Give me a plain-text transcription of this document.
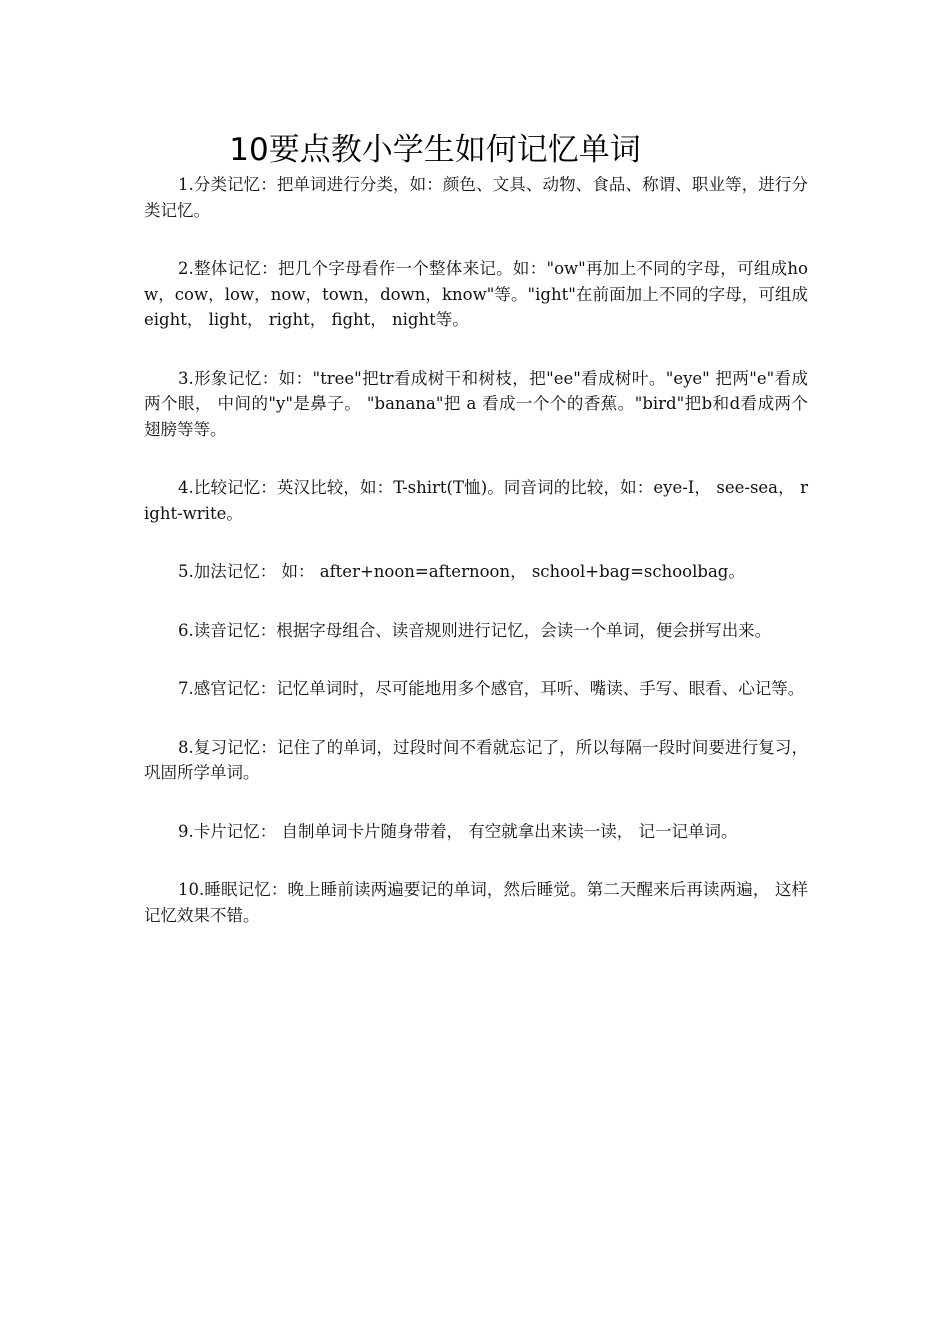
10要点教小学生如何记忆单词

1.分类记忆：把单词进行分类，如：颜色、文具、动物、食品、称谓、职业等，进行分类记忆。

2.整体记忆：把几个字母看作一个整体来记。如："ow"再加上不同的字母，可组成how，cow，low，now，town，down，know"等。"ight"在前面加上不同的字母，可组成eight， light， right， fight， night等。

3.形象记忆：如："tree"把tr看成树干和树枝，把"ee"看成树叶。"eye" 把两"e"看成两个眼， 中间的"y"是鼻子。 "banana"把 a 看成一个个的香蕉。"bird"把b和d看成两个翅膀等等。

4.比较记忆：英汉比较，如：T-shirt(T恤)。同音词的比较，如：eye-I， see-sea， right-write。

5.加法记忆： 如： after+noon=afternoon， school+bag=schoolbag。

6.读音记忆：根据字母组合、读音规则进行记忆，会读一个单词，便会拼写出来。

7.感官记忆：记忆单词时，尽可能地用多个感官，耳听、嘴读、手写、眼看、心记等。

8.复习记忆：记住了的单词，过段时间不看就忘记了，所以每隔一段时间要进行复习， 巩固所学单词。

9.卡片记忆： 自制单词卡片随身带着， 有空就拿出来读一读， 记一记单词。

10.睡眠记忆：晚上睡前读两遍要记的单词，然后睡觉。第二天醒来后再读两遍， 这样记忆效果不错。
